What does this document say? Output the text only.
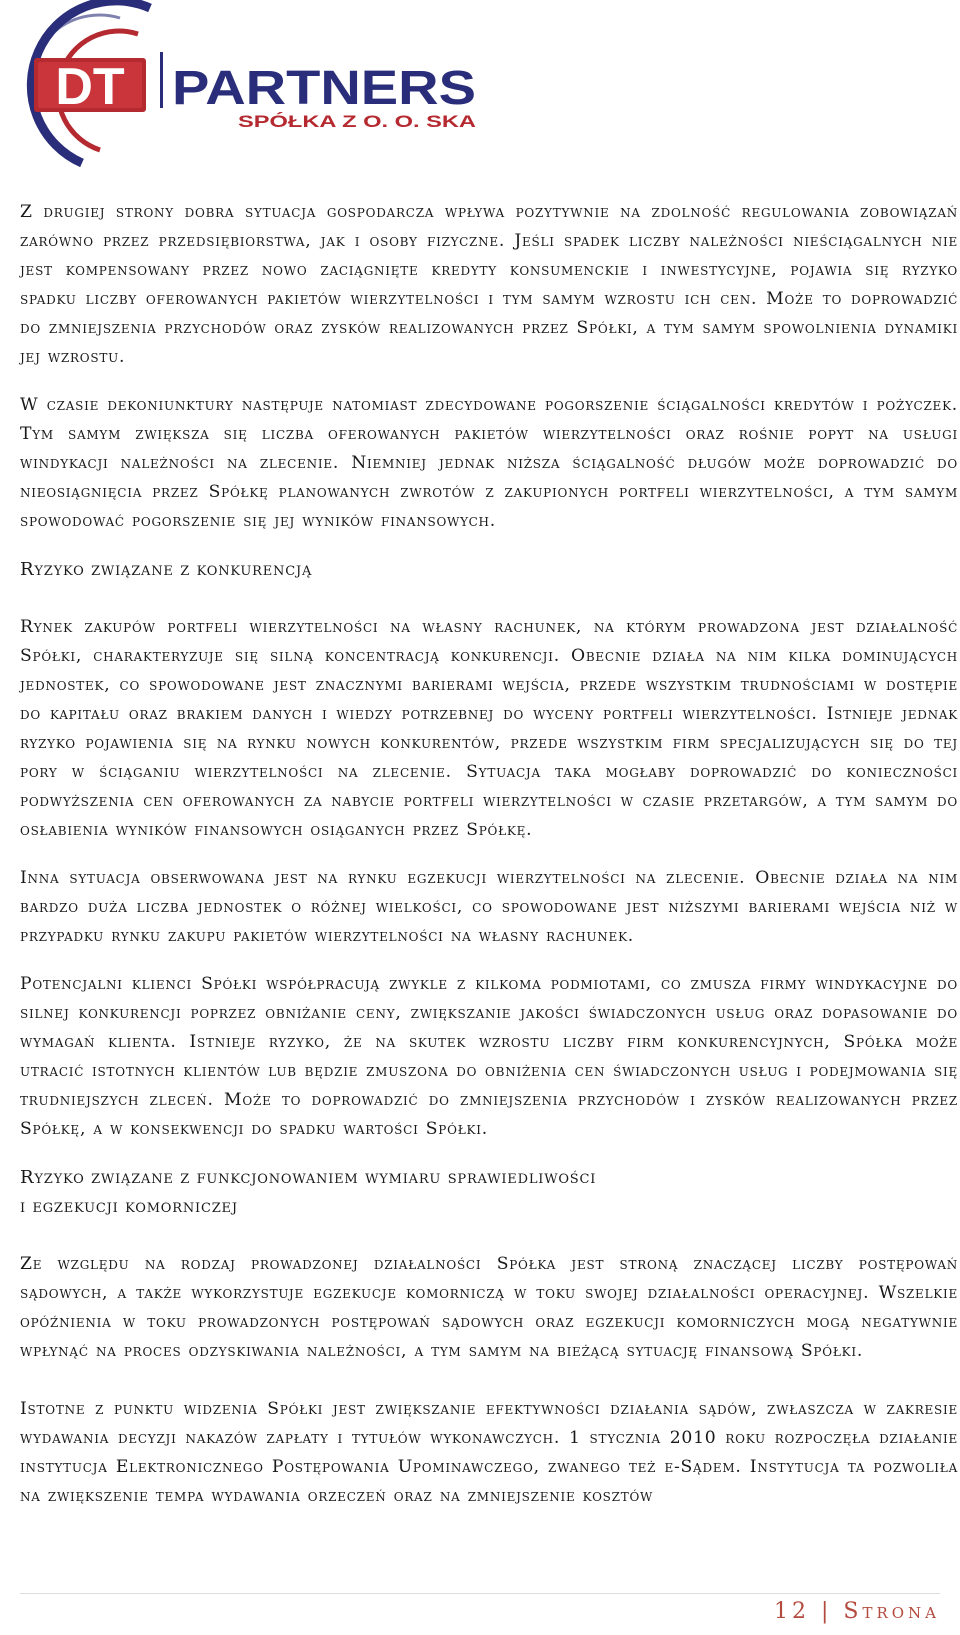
DT PARTNERS
SPÓŁKA Z O. O. SKA

Z drugiej strony dobra sytuacja gospodarcza wpływa pozytywnie na zdolność regulowania zobowiązań zarówno przez przedsiębiorstwa, jak i osoby fizyczne. Jeśli spadek liczby należności nieściągalnych nie jest kompensowany przez nowo zaciągnięte kredyty konsumenckie i inwestycyjne, pojawia się ryzyko spadku liczby oferowanych pakietów wierzytelności i tym samym wzrostu ich cen. Może to doprowadzić do zmniejszenia przychodów oraz zysków realizowanych przez Spółki, a tym samym spowolnienia dynamiki jej wzrostu.

W czasie dekoniunktury następuje natomiast zdecydowane pogorszenie ściągalności kredytów i pożyczek. Tym samym zwiększa się liczba oferowanych pakietów wierzytelności oraz rośnie popyt na usługi windykacji należności na zlecenie. Niemniej jednak niższa ściągalność długów może doprowadzić do nieosiągnięcia przez Spółkę planowanych zwrotów z zakupionych portfeli wierzytelności, a tym samym spowodować pogorszenie się jej wyników finansowych.

Ryzyko związane z konkurencją

Rynek zakupów portfeli wierzytelności na własny rachunek, na którym prowadzona jest działalność Spółki, charakteryzuje się silną koncentracją konkurencji. Obecnie działa na nim kilka dominujących jednostek, co spowodowane jest znacznymi barierami wejścia, przede wszystkim trudnościami w dostępie do kapitału oraz brakiem danych i wiedzy potrzebnej do wyceny portfeli wierzytelności. Istnieje jednak ryzyko pojawienia się na rynku nowych konkurentów, przede wszystkim firm specjalizujących się do tej pory w ściąganiu wierzytelności na zlecenie. Sytuacja taka mogłaby doprowadzić do konieczności podwyższenia cen oferowanych za nabycie portfeli wierzytelności w czasie przetargów, a tym samym do osłabienia wyników finansowych osiąganych przez Spółkę.

Inna sytuacja obserwowana jest na rynku egzekucji wierzytelności na zlecenie. Obecnie działa na nim bardzo duża liczba jednostek o różnej wielkości, co spowodowane jest niższymi barierami wejścia niż w przypadku rynku zakupu pakietów wierzytelności na własny rachunek.

Potencjalni klienci Spółki współpracują zwykle z kilkoma podmiotami, co zmusza firmy windykacyjne do silnej konkurencji poprzez obniżanie ceny, zwiększanie jakości świadczonych usług oraz dopasowanie do wymagań klienta. Istnieje ryzyko, że na skutek wzrostu liczby firm konkurencyjnych, Spółka może utracić istotnych klientów lub będzie zmuszona do obniżenia cen świadczonych usług i podejmowania się trudniejszych zleceń. Może to doprowadzić do zmniejszenia przychodów i zysków realizowanych przez Spółkę, a w konsekwencji do spadku wartości Spółki.

Ryzyko związane z funkcjonowaniem wymiaru sprawiedliwości
i egzekucji komorniczej

Ze względu na rodzaj prowadzonej działalności Spółka jest stroną znaczącej liczby postępowań sądowych, a także wykorzystuje egzekucje komorniczą w toku swojej działalności operacyjnej. Wszelkie opóźnienia w toku prowadzonych postępowań sądowych oraz egzekucji komorniczych mogą negatywnie wpłynąć na proces odzyskiwania należności, a tym samym na bieżącą sytuację finansową Spółki.

Istotne z punktu widzenia Spółki jest zwiększanie efektywności działania sądów, zwłaszcza w zakresie wydawania decyzji nakazów zapłaty i tytułów wykonawczych. 1 stycznia 2010 roku rozpoczęła działanie instytucja Elektronicznego Postępowania Upominawczego, zwanego też e-Sądem. Instytucja ta pozwoliła na zwiększenie tempa wydawania orzeczeń oraz na zmniejszenie kosztów

12 | Strona
